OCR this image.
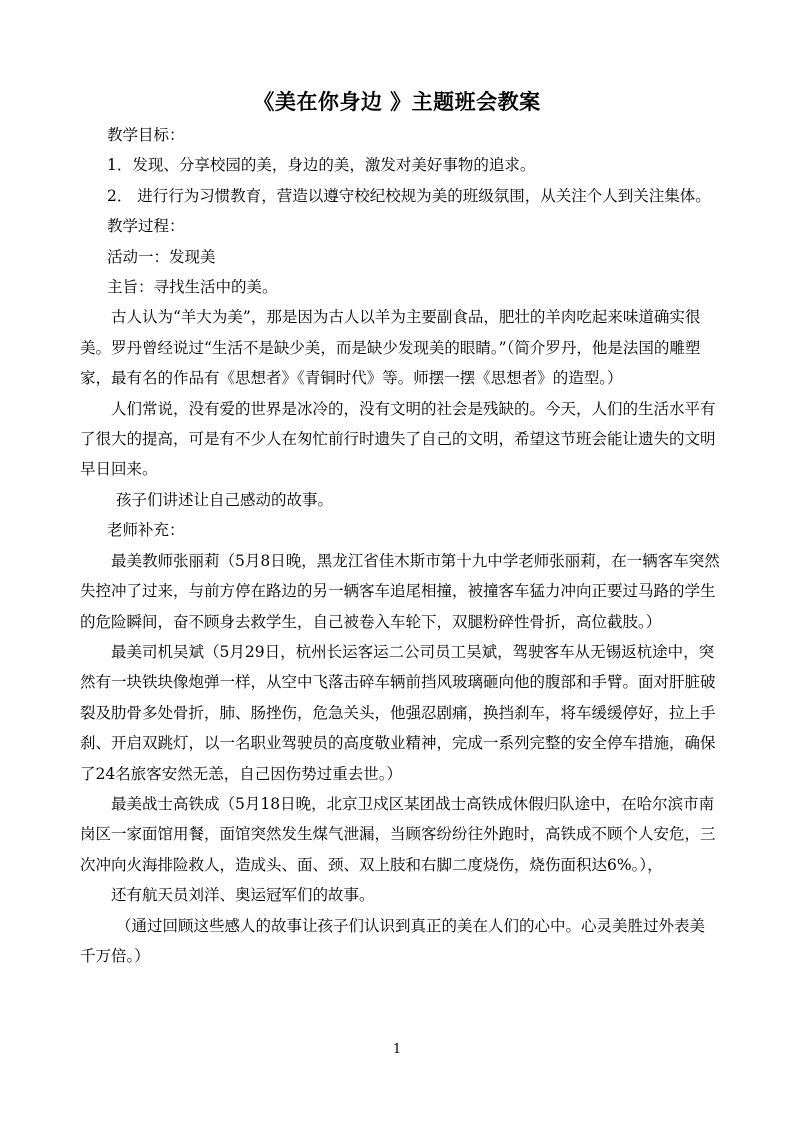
《美在你身边 》主题班会教案

教学目标：

1．发现、分享校园的美，身边的美，激发对美好事物的追求。

2． 进行行为习惯教育，营造以遵守校纪校规为美的班级氛围，从关注个人到关注集体。

教学过程：

活动一：发现美

主旨：寻找生活中的美。

古人认为“羊大为美”，那是因为古人以羊为主要副食品，肥壮的羊肉吃起来味道确实很美。罗丹曾经说过“生活不是缺少美，而是缺少发现美的眼睛。”（简介罗丹，他是法国的雕塑家，最有名的作品有《思想者》《青铜时代》等。师摆一摆《思想者》的造型。）

人们常说，没有爱的世界是冰冷的，没有文明的社会是残缺的。今天，人们的生活水平有了很大的提高，可是有不少人在匆忙前行时遗失了自己的文明，希望这节班会能让遗失的文明早日回来。

孩子们讲述让自己感动的故事。

老师补充：

最美教师张丽莉（5月8日晚，黑龙江省佳木斯市第十九中学老师张丽莉，在一辆客车突然失控冲了过来，与前方停在路边的另一辆客车追尾相撞，被撞客车猛力冲向正要过马路的学生的危险瞬间，奋不顾身去救学生，自己被卷入车轮下，双腿粉碎性骨折，高位截肢。）

最美司机吴斌（5月29日，杭州长运客运二公司员工吴斌，驾驶客车从无锡返杭途中，突然有一块铁块像炮弹一样，从空中飞落击碎车辆前挡风玻璃砸向他的腹部和手臂。面对肝脏破裂及肋骨多处骨折，肺、肠挫伤，危急关头，他强忍剧痛，换挡刹车，将车缓缓停好，拉上手刹、开启双跳灯，以一名职业驾驶员的高度敬业精神，完成一系列完整的安全停车措施，确保了24名旅客安然无恙，自己因伤势过重去世。）

最美战士高铁成（5月18日晚，北京卫戍区某团战士高铁成休假归队途中，在哈尔滨市南岗区一家面馆用餐，面馆突然发生煤气泄漏，当顾客纷纷往外跑时，高铁成不顾个人安危，三次冲向火海排险救人，造成头、面、颈、双上肢和右脚二度烧伤，烧伤面积达6%。），

还有航天员刘洋、奥运冠军们的故事。

（通过回顾这些感人的故事让孩子们认识到真正的美在人们的心中。心灵美胜过外表美千万倍。）

1
